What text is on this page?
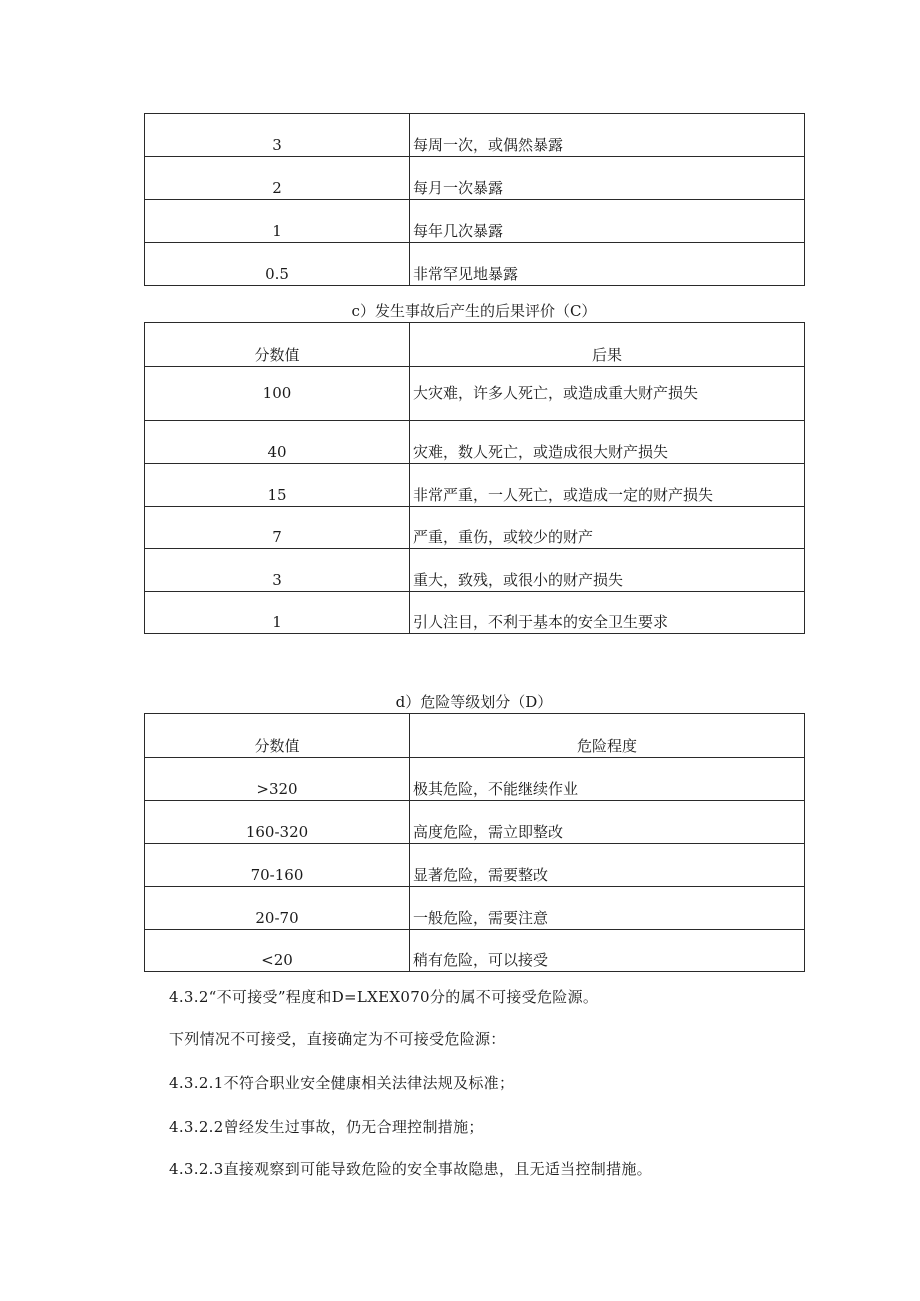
3	每周一次，或偶然暴露
2	每月一次暴露
1	每年几次暴露
0.5	非常罕见地暴露
c）发生事故后产生的后果评价（C）
分数值	后果
100	大灾难，许多人死亡，或造成重大财产损失
40	灾难，数人死亡，或造成很大财产损失
15	非常严重，一人死亡，或造成一定的财产损失
7	严重，重伤，或较少的财产
3	重大，致残，或很小的财产损失
1	引人注目，不利于基本的安全卫生要求
d）危险等级划分（D）
分数值	危险程度
>320	极其危险，不能继续作业
160-320	高度危险，需立即整改
70-160	显著危险，需要整改
20-70	一般危险，需要注意
<20	稍有危险，可以接受
4.3.2“不可接受”程度和D=LXEX070分的属不可接受危险源。
下列情况不可接受，直接确定为不可接受危险源：
4.3.2.1不符合职业安全健康相关法律法规及标准；
4.3.2.2曾经发生过事故，仍无合理控制措施；
4.3.2.3直接观察到可能导致危险的安全事故隐患，且无适当控制措施。
